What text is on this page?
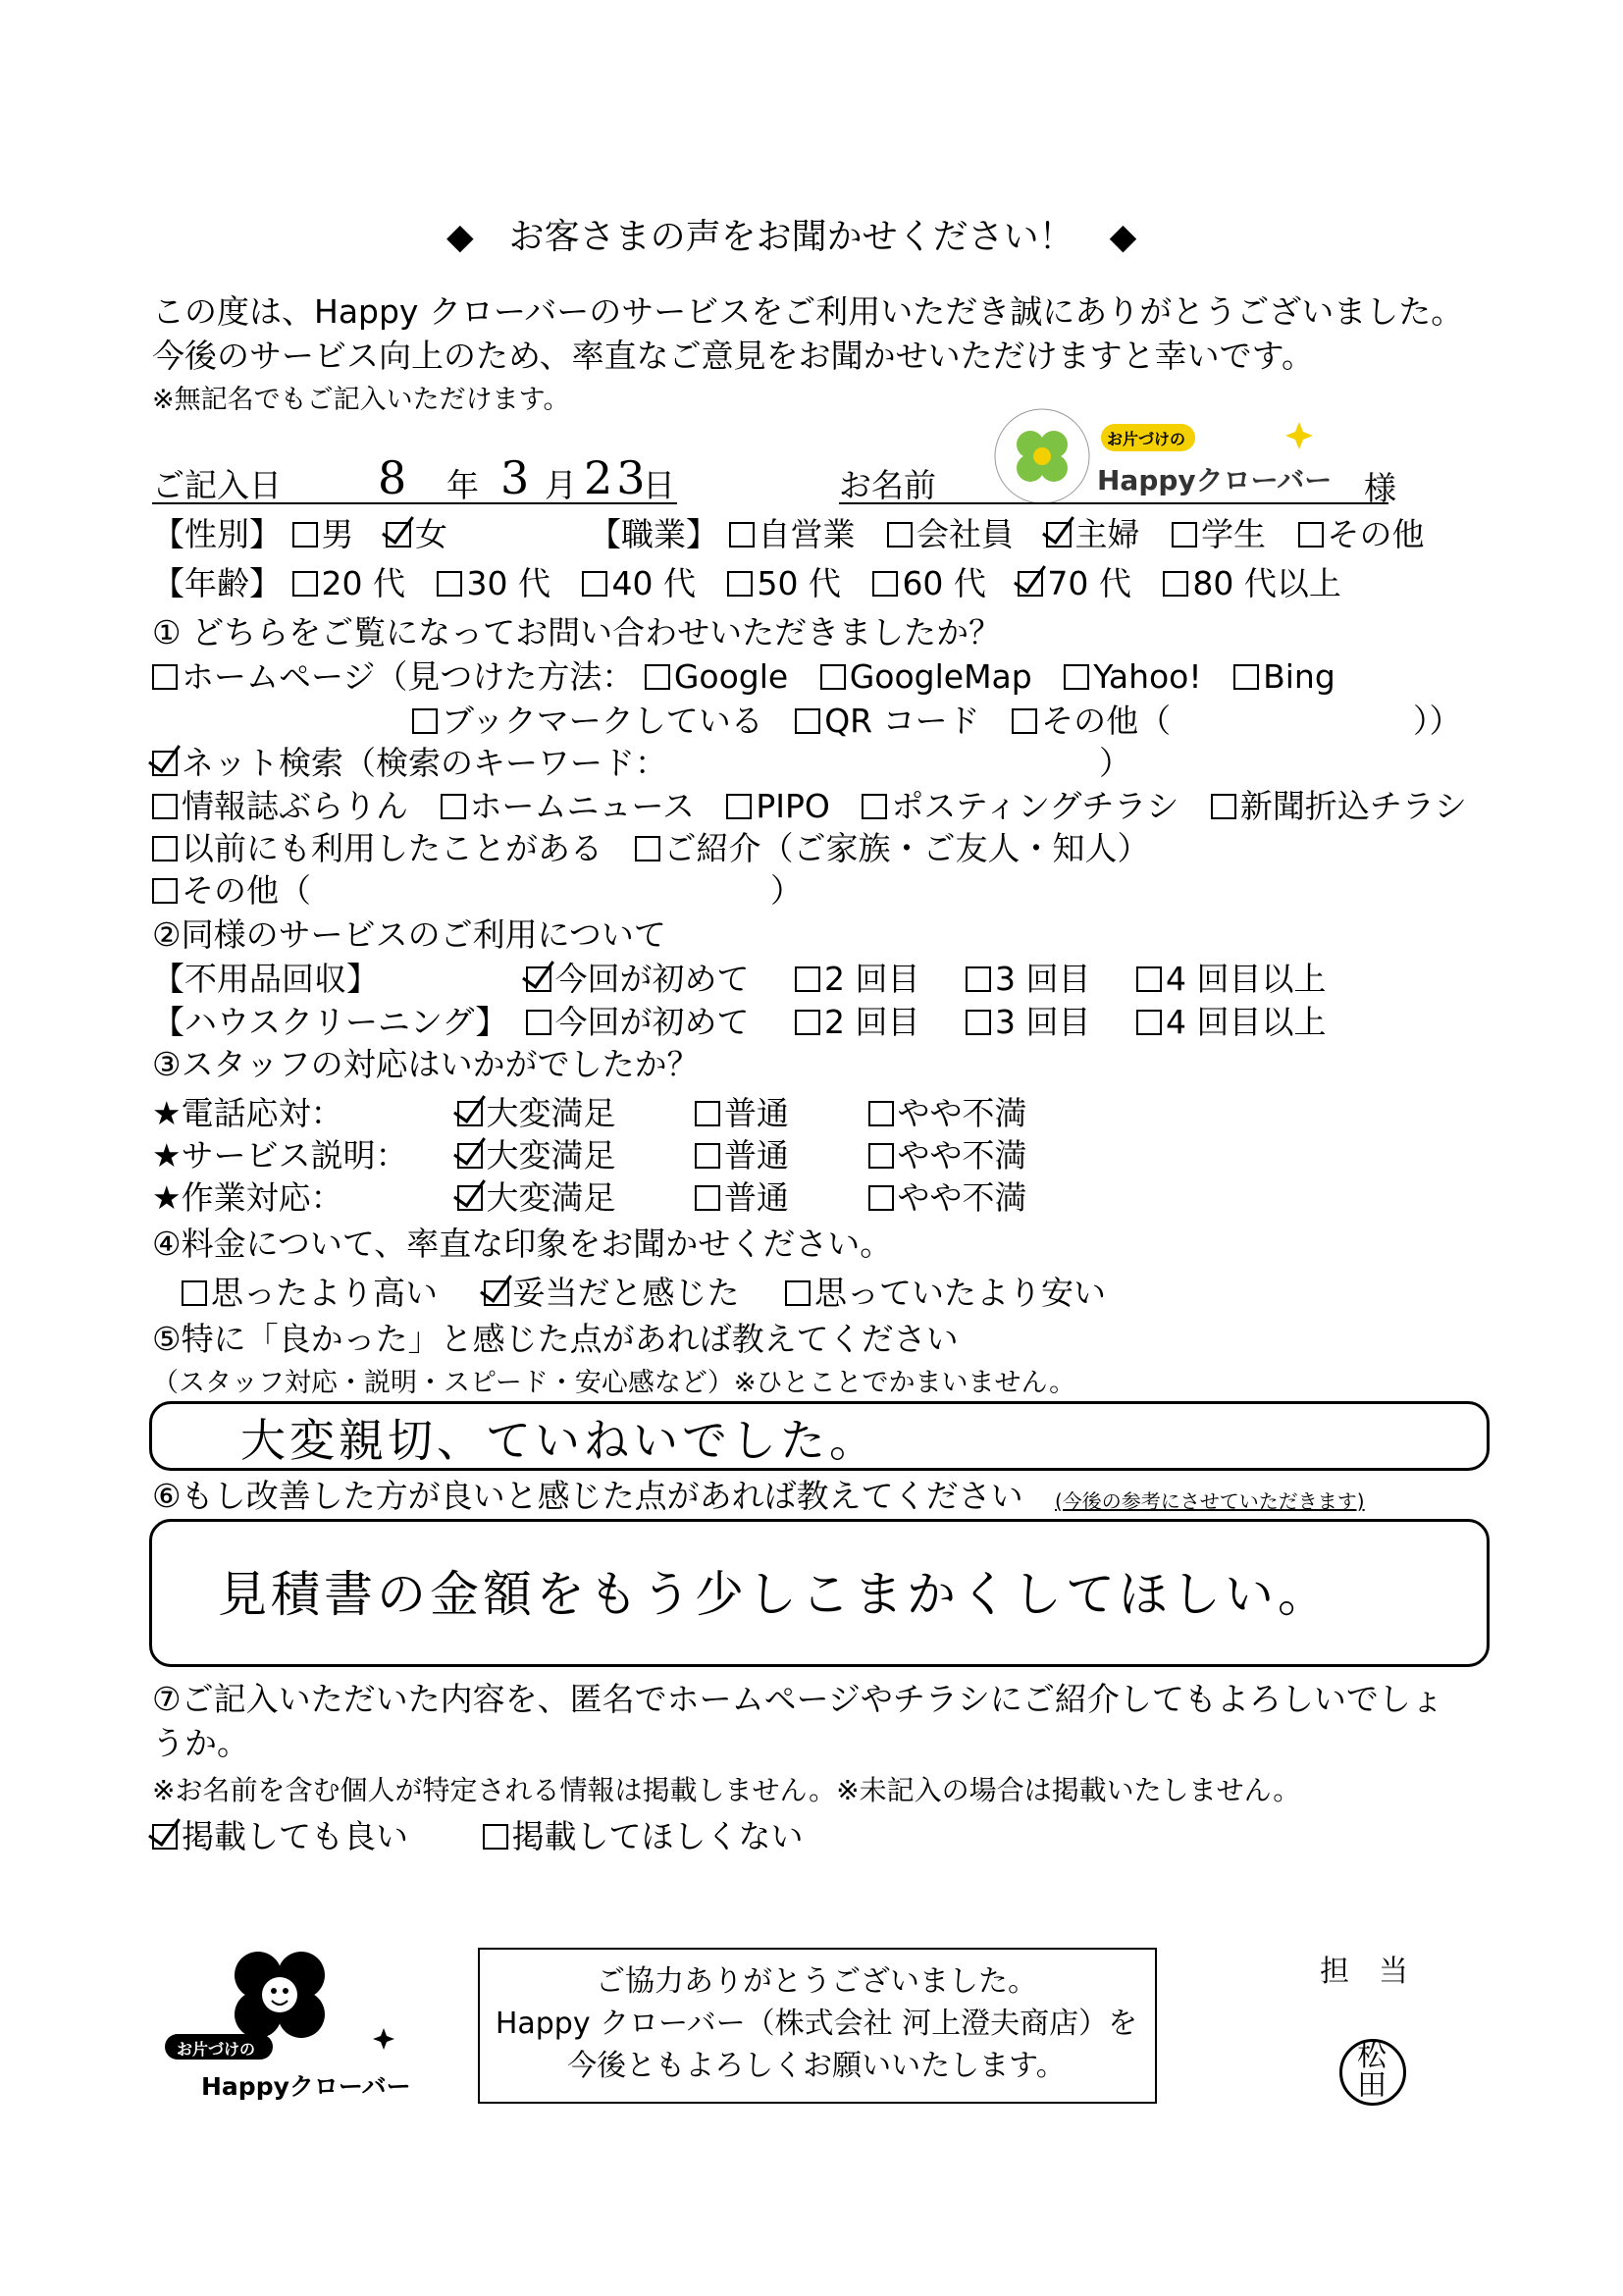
◆　お客さまの声をお聞かせください！　◆
この度は、Happy クローバーのサービスをご利用いただき誠にありがとうございました。
今後のサービス向上のため、率直なご意見をお聞かせいただけますと幸いです。
※無記名でもご記入いただけます。
ご記入日 8 年 3 月 23
日	お名前
お片づけの
Happyクローバー 様
【性別】 男 女	【職業】 自営業 会社員 主婦 学生 その他
【年齢】 20 代 30 代 40 代 50 代 60 代 70 代 80 代以上
① どちらをご覧になってお問い合わせいただきましたか？
ホームページ（見つけた方法： Google GoogleMap Yahoo! Bing
ブックマークしている QR コード その他（	））
ネット検索（検索のキーワード：	）
情報誌ぶらりん ホームニュース PIPO ポスティングチラシ 新聞折込チラシ
以前にも利用したことがある ご紹介（ご家族・ご友人・知人）
その他（	）
②同様のサービスのご利用について
【不用品回収】	今回が初めて 2 回目 3 回目 4 回目以上
【ハウスクリーニング】 今回が初めて 2 回目 3 回目 4 回目以上
③スタッフの対応はいかがでしたか？
★電話応対：	大変満足	普通	やや不満
★サービス説明： 大変満足	普通	やや不満
★作業対応：	大変満足	普通	やや不満
④料金について、率直な印象をお聞かせください。
思ったより高い 妥当だと感じた 思っていたより安い
⑤特に「良かった」と感じた点があれば教えてください
（スタッフ対応・説明・スピード・安心感など）※ひとことでかまいません。
大変親切、ていねいでした。
⑥もし改善した方が良いと感じた点があれば教えてください (今後の参考にさせていただきます)
見積書の金額をもう少しこまかくしてほしい。
⑦ご記入いただいた内容を、匿名でホームページやチラシにご紹介してもよろしいでしょ
うか。
※お名前を含む個人が特定される情報は掲載しません。※未記入の場合は掲載いたしません。
掲載しても良い	掲載してほしくない
お片づけの
Happyクローバー
ご協力ありがとうございました。
Happy クローバー（株式会社 河上澄夫商店）を
今後ともよろしくお願いいたします。
担　当
松田
